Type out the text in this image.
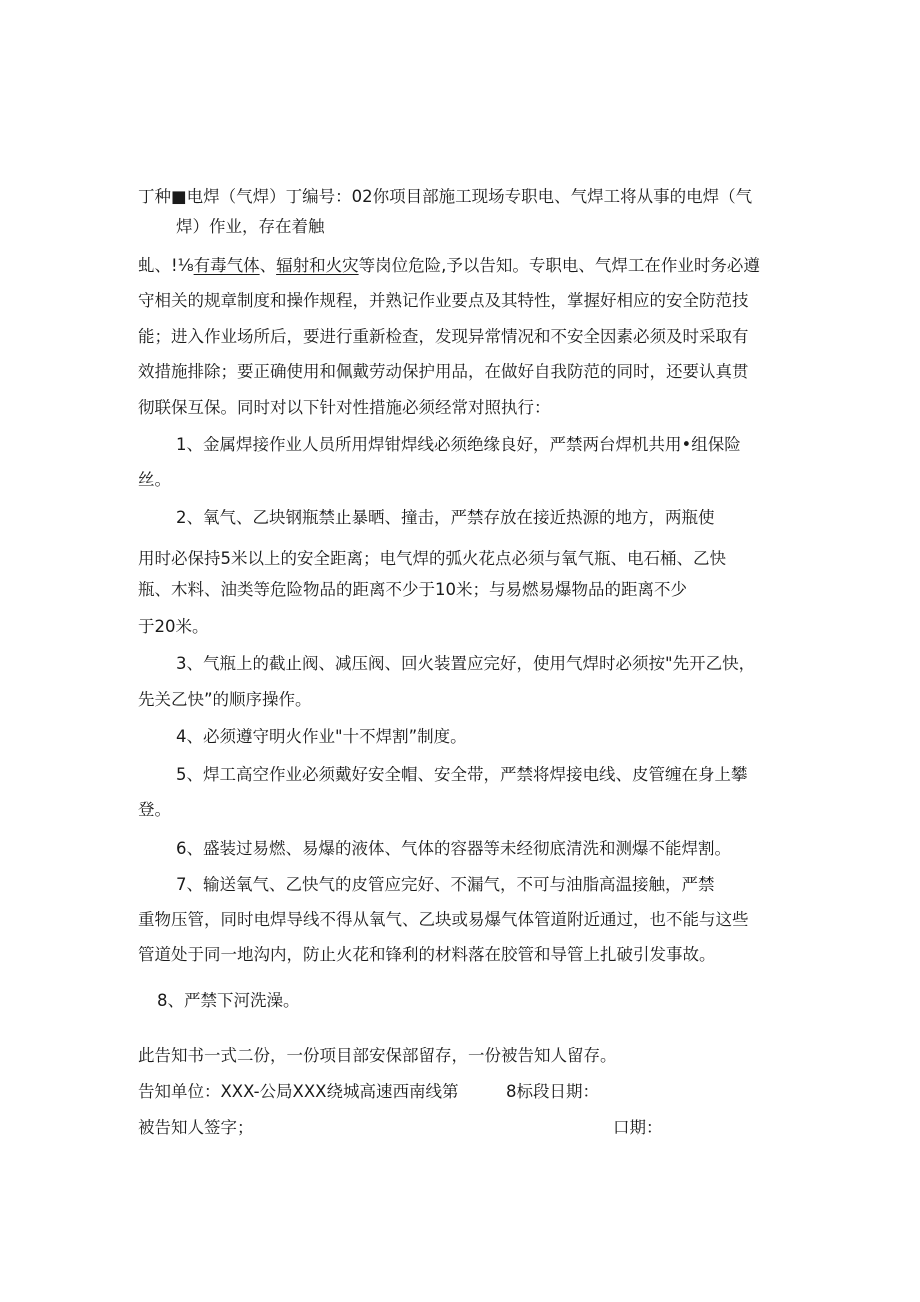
丁种■电焊（气焊）丁编号：02你项目部施工现场专职电、气焊工将从事的电焊（气
焊）作业，存在着触
虬、!⅛有毒气体、辐射和火灾等岗位危险,予以告知。专职电、气焊工在作业时务必遵
守相关的规章制度和操作规程，并熟记作业要点及其特性，掌握好相应的安全防范技
能；进入作业场所后，要进行重新检查，发现异常情况和不安全因素必须及时采取有
效措施排除；要正确使用和佩戴劳动保护用品，在做好自我防范的同时，还要认真贯
彻联保互保。同时对以下针对性措施必须经常对照执行：
1、金属焊接作业人员所用焊钳焊线必须绝缘良好，严禁两台焊机共用•组保险
丝。
2、氧气、乙块钢瓶禁止暴晒、撞击，严禁存放在接近热源的地方，两瓶使
用时必保持5米以上的安全距离；电气焊的弧火花点必须与氧气瓶、电石桶、乙快
瓶、木料、油类等危险物品的距离不少于10米；与易燃易爆物品的距离不少
于20米。
3、气瓶上的截止阀、减压阀、回火装置应完好，使用气焊时必须按"先开乙快，
先关乙快”的顺序操作。
4、必须遵守明火作业"十不焊割”制度。
5、焊工高空作业必须戴好安全帽、安全带，严禁将焊接电线、皮管缠在身上攀
登。
6、盛装过易燃、易爆的液体、气体的容器等未经彻底清洗和测爆不能焊割。
7、输送氧气、乙快气的皮管应完好、不漏气，不可与油脂高温接触，严禁
重物压管，同时电焊导线不得从氧气、乙块或易爆气体管道附近通过，也不能与这些
管道处于同一地沟内，防止火花和锋利的材料落在胶管和导管上扎破引发事故。
8、严禁下河洗澡。
此告知书一式二份，一份项目部安保部留存，一份被告知人留存。
告知单位：XXX-公局XXX绕城高速西南线第	8标段日期：
被告知人签字；	口期：
